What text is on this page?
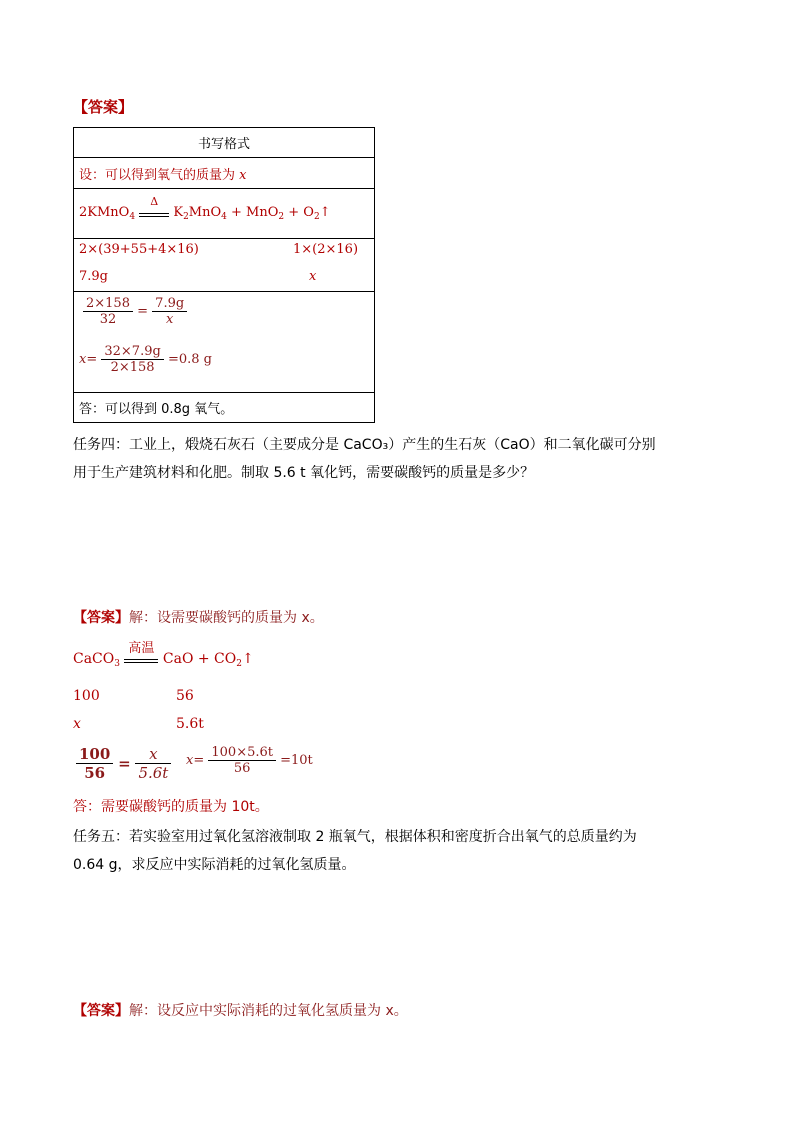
【答案】
书写格式
设：可以得到氧气的质量为 x
2KMnO$_4$
Δ
$K_2MnO_4 + MnO_2$ + $O_2↑$

2×(39+55+4×16)	1×(2×16)
7.9g	x

$\frac{2\times 158}{32} = \frac{7.9g}{x}$
$x= \frac{32\times 7.9g}{2\times 158} =0.8$ g

答：可以得到 0.8g 氧气。
任务四：工业上，煅烧石灰石（主要成分是 CaCO₃）产生的生石灰（CaO）和二氧化碳可分别
用于生产建筑材料和化肥。制取 5.6 t 氧化钙，需要碳酸钙的质量是多少？
【答案】解：设需要碳酸钙的质量为 x。
CaCO$_3$
高温
CaO + $CO_2↑$
100	56
x	5.6t
$\frac{100}{56} = \frac{x}{5.6t} x= \frac{100\times 5.6t}{56} =10t$
答：需要碳酸钙的质量为 10t。
任务五：若实验室用过氧化氢溶液制取 2 瓶氧气，根据体积和密度折合出氧气的总质量约为
0.64 g，求反应中实际消耗的过氧化氢质量。
【答案】解：设反应中实际消耗的过氧化氢质量为 x。
